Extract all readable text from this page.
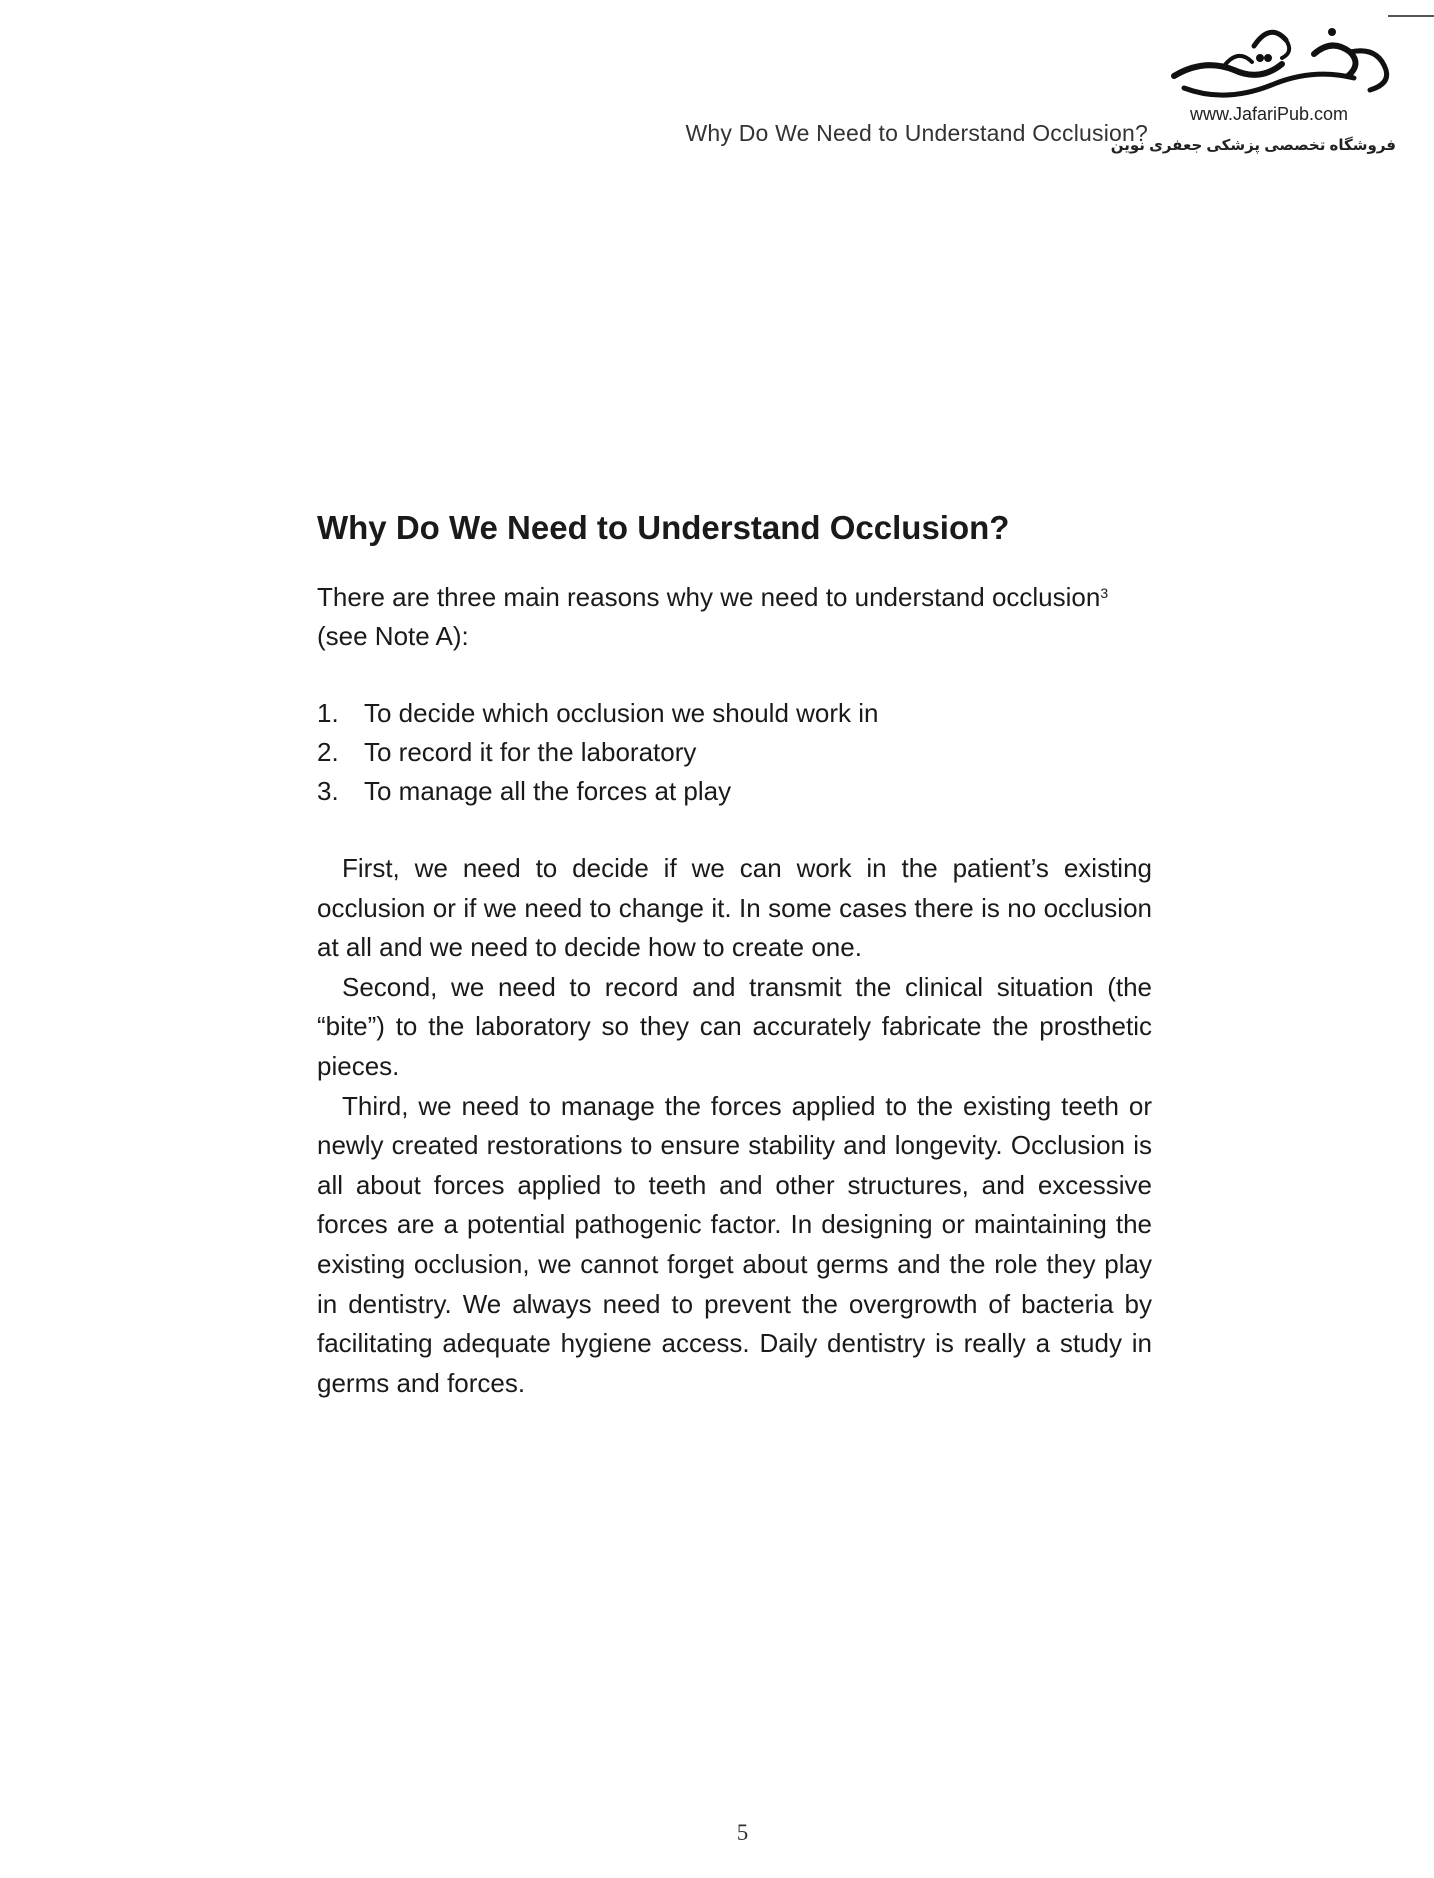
Why Do We Need to Understand Occlusion?
www.JafariPub.com
فروشگاه تخصصی پزشکی جعفری نوین
Why Do We Need to Understand Occlusion?

There are three main reasons why we need to understand occlusion$^3$ (see Note A):

1. To decide which occlusion we should work in
2. To record it for the laboratory
3. To manage all the forces at play

First, we need to decide if we can work in the patient’s existing occlusion or if we need to change it. In some cases there is no occlusion at all and we need to decide how to create one.

Second, we need to record and transmit the clinical situation (the “bite”) to the laboratory so they can accurately fabricate the prosthetic pieces.

Third, we need to manage the forces applied to the existing teeth or newly created restorations to ensure stability and longevity. Occlusion is all about forces applied to teeth and other structures, and excessive forces are a potential pathogenic factor. In designing or maintaining the existing occlusion, we cannot forget about germs and the role they play in dentistry. We always need to prevent the overgrowth of bacteria by facilitating adequate hygiene access. Daily dentistry is really a study in germs and forces.

5
